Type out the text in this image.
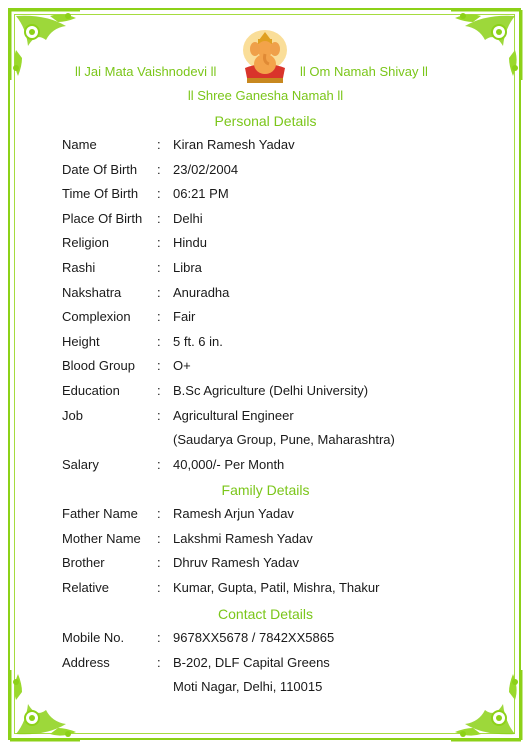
ll Jai Mata Vaishnodevi ll	ll Om Namah Shivay ll
ll Shree Ganesha Namah ll
Personal Details
Name	: Kiran Ramesh Yadav
Date Of Birth : 23/02/2004
Time Of Birth : 06:21 PM
Place Of Birth : Delhi
Religion	: Hindu
Rashi	: Libra
Nakshatra	: Anuradha
Complexion : Fair
Height	: 5 ft. 6 in.
Blood Group : O+
Education	: B.Sc Agriculture (Delhi University)
Job	: Agricultural Engineer
(Saudarya Group, Pune, Maharashtra)
Salary	: 40,000/- Per Month
Family Details
Father Name : Ramesh Arjun Yadav
Mother Name : Lakshmi Ramesh Yadav
Brother	: Dhruv Ramesh Yadav
Relative	: Kumar, Gupta, Patil, Mishra, Thakur
Contact Details
Mobile No.	: 9678XX5678 / 7842XX5865
Address	: B-202, DLF Capital Greens
Moti Nagar, Delhi, 110015
